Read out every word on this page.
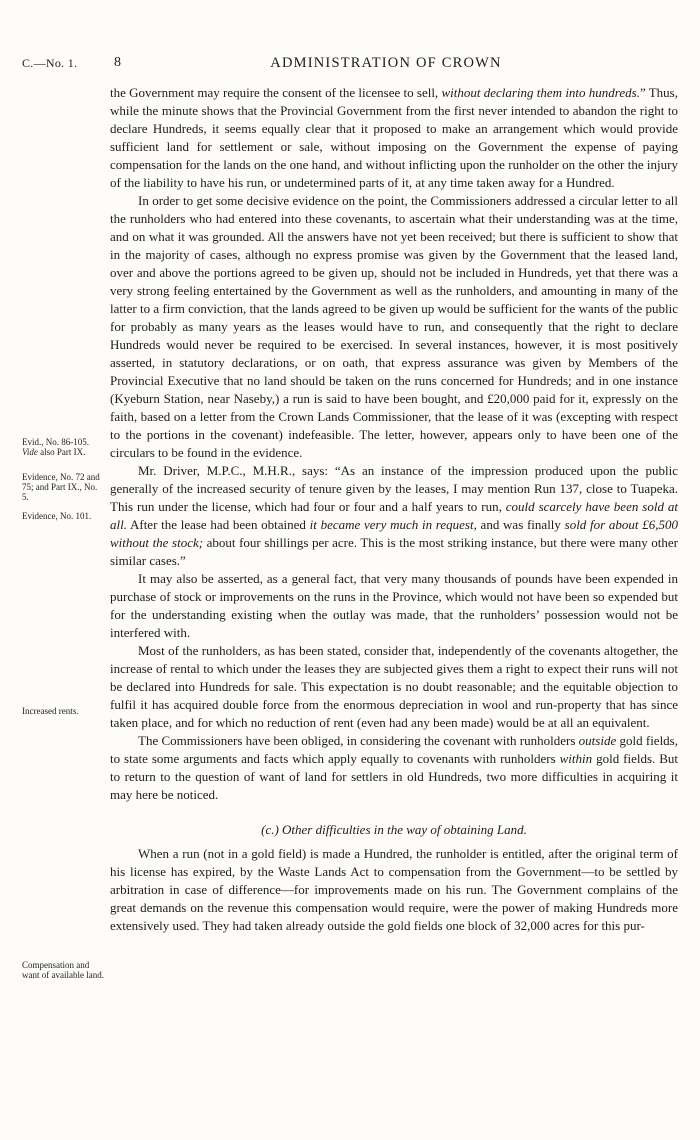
C.—No. 1.	8	ADMINISTRATION OF CROWN
Evid., No. 86-105.
Vide also Part IX.
Evidence, No. 72 and 75; and Part IX., No. 5.
Evidence, No. 101.
Increased rents.
Compensation and want of available land.

the Government may require the consent of the licensee to sell, without declaring them into hundreds.” Thus, while the minute shows that the Provincial Government from the first never intended to abandon the right to declare Hundreds, it seems equally clear that it proposed to make an arrangement which would provide sufficient land for settlement or sale, without imposing on the Government the expense of paying compensation for the lands on the one hand, and without inflicting upon the runholder on the other the injury of the liability to have his run, or undetermined parts of it, at any time taken away for a Hundred.

In order to get some decisive evidence on the point, the Commissioners addressed a circular letter to all the runholders who had entered into these covenants, to ascertain what their understanding was at the time, and on what it was grounded. All the answers have not yet been received; but there is sufficient to show that in the majority of cases, although no express promise was given by the Government that the leased land, over and above the portions agreed to be given up, should not be included in Hundreds, yet that there was a very strong feeling entertained by the Government as well as the runholders, and amounting in many of the latter to a firm conviction, that the lands agreed to be given up would be sufficient for the wants of the public for probably as many years as the leases would have to run, and consequently that the right to declare Hundreds would never be required to be exercised. In several instances, however, it is most positively asserted, in statutory declarations, or on oath, that express assurance was given by Members of the Provincial Executive that no land should be taken on the runs concerned for Hundreds; and in one instance (Kyeburn Station, near Naseby,) a run is said to have been bought, and £20,000 paid for it, expressly on the faith, based on a letter from the Crown Lands Commissioner, that the lease of it was (excepting with respect to the portions in the covenant) indefeasible. The letter, however, appears only to have been one of the circulars to be found in the evidence.

Mr. Driver, M.P.C., M.H.R., says: “As an instance of the impression produced upon the public generally of the increased security of tenure given by the leases, I may mention Run 137, close to Tuapeka. This run under the license, which had four or four and a half years to run, could scarcely have been sold at all. After the lease had been obtained it became very much in request, and was finally sold for about £6,500 without the stock; about four shillings per acre. This is the most striking instance, but there were many other similar cases.”

It may also be asserted, as a general fact, that very many thousands of pounds have been expended in purchase of stock or improvements on the runs in the Province, which would not have been so expended but for the understanding existing when the outlay was made, that the runholders’ possession would not be interfered with.

Most of the runholders, as has been stated, consider that, independently of the covenants altogether, the increase of rental to which under the leases they are subjected gives them a right to expect their runs will not be declared into Hundreds for sale. This expectation is no doubt reasonable; and the equitable objection to fulfil it has acquired double force from the enormous depreciation in wool and run-property that has since taken place, and for which no reduction of rent (even had any been made) would be at all an equivalent.

The Commissioners have been obliged, in considering the covenant with runholders outside gold fields, to state some arguments and facts which apply equally to covenants with runholders within gold fields. But to return to the question of want of land for settlers in old Hundreds, two more difficulties in acquiring it may here be noticed.

(c.) Other difficulties in the way of obtaining Land.

When a run (not in a gold field) is made a Hundred, the runholder is entitled, after the original term of his license has expired, by the Waste Lands Act to compensation from the Government—to be settled by arbitration in case of difference—for improvements made on his run. The Government complains of the great demands on the revenue this compensation would require, were the power of making Hundreds more extensively used. They had taken already outside the gold fields one block of 32,000 acres for this pur-
